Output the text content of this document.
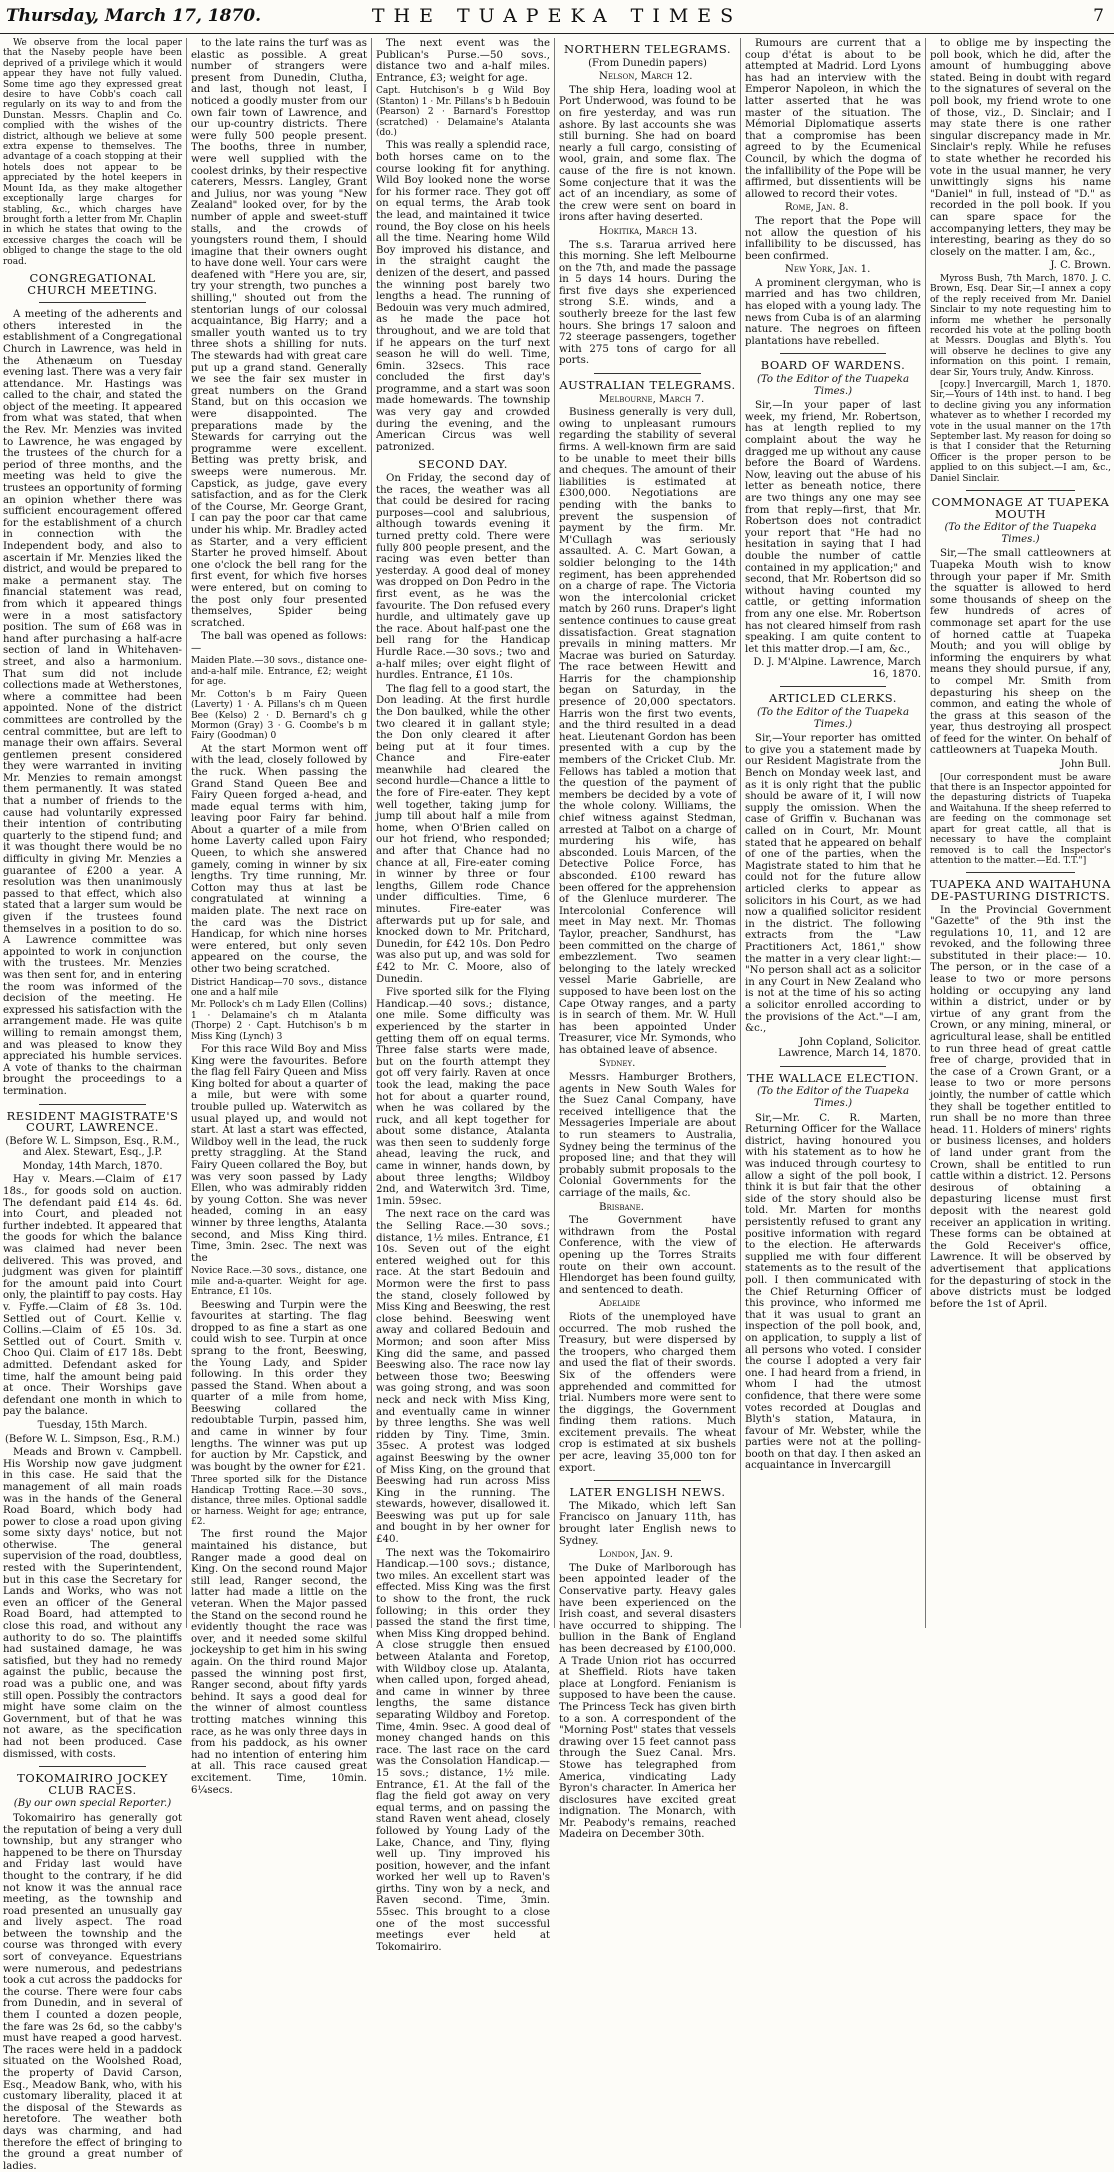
Thursday, March 17, 1870.	THE TUAPEKA TIMES	7

We observe from the local paper that the Naseby people have been deprived of a privilege which it would appear they have not fully valued. Some time ago they expressed great desire to have Cobb's coach call regularly on its way to and from the Dunstan. Messrs. Chaplin and Co. complied with the wishes of the district, although we believe at some extra expense to themselves. The advantage of a coach stopping at their hotels does not appear to be appreciated by the hotel keepers in Mount Ida, as they make altogether exceptionally large charges for stabling, &c., which charges have brought forth a letter from Mr. Chaplin in which he states that owing to the excessive charges the coach will be obliged to change the stage to the old road.

CONGREGATIONAL CHURCH MEETING.

A meeting of the adherents and others interested in the establishment of a Congregational Church in Lawrence, was held in the Athenæum on Tuesday evening last. There was a very fair attendance. Mr. Hastings was called to the chair, and stated the object of the meeting. It appeared from what was stated, that when the Rev. Mr. Menzies was invited to Lawrence, he was engaged by the trustees of the church for a period of three months, and the meeting was held to give the trustees an opportunity of forming an opinion whether there was sufficient encouragement offered for the establishment of a church in connection with the Independent body, and also to ascertain if Mr. Menzies liked the district, and would be prepared to make a permanent stay. The financial statement was read, from which it appeared things were in a most satisfactory position. The sum of £68 was in hand after purchasing a half-acre section of land in Whitehaven-street, and also a harmonium. That sum did not include collections made at Wetherstones, where a committee had been appointed. None of the district committees are controlled by the central committee, but are left to manage their own affairs. Several gentlemen present considered they were warranted in inviting Mr. Menzies to remain amongst them permanently. It was stated that a number of friends to the cause had voluntarily expressed their intention of contributing quarterly to the stipend fund; and it was thought there would be no difficulty in giving Mr. Menzies a guarantee of £200 a year. A resolution was then unanimously passed to that effect, which also stated that a larger sum would be given if the trustees found themselves in a position to do so. A Lawrence committee was appointed to work in conjunction with the trustees. Mr. Menzies was then sent for, and in entering the room was informed of the decision of the meeting. He expressed his satisfaction with the arrangement made. He was quite willing to remain amongst them, and was pleased to know they appreciated his humble services. A vote of thanks to the chairman brought the proceedings to a termination.

RESIDENT MAGISTRATE'S COURT, LAWRENCE.
(Before W. L. Simpson, Esq., R.M., and Alex. Stewart, Esq., J.P.
Monday, 14th March, 1870.

Hay v. Mears.—Claim of £17 18s., for goods sold on auction. The defendant paid £14 4s. 6d. into Court, and pleaded not further indebted. It appeared that the goods for which the balance was claimed had never been delivered. This was proved, and judgment was given for plaintiff for the amount paid into Court only, the plaintiff to pay costs. Hay v. Fyffe.—Claim of £8 3s. 10d. Settled out of Court. Kellie v. Collins.—Claim of £5 10s. 3d. Settled out of Court. Smith v. Choo Qui. Claim of £17 18s. Debt admitted. Defendant asked for time, half the amount being paid at once. Their Worships gave defendant one month in which to pay the balance.

Tuesday, 15th March.
(Before W. L. Simpson, Esq., R.M.)

Meads and Brown v. Campbell. His Worship now gave judgment in this case. He said that the management of all main roads was in the hands of the General Road Board, which body had power to close a road upon giving some sixty days' notice, but not otherwise. The general supervision of the road, doubtless, rested with the Superintendent, but in this case the Secretary for Lands and Works, who was not even an officer of the General Road Board, had attempted to close this road, and without any authority to do so. The plaintiffs had sustained damage, he was satisfied, but they had no remedy against the public, because the road was a public one, and was still open. Possibly the contractors might have some claim on the Government, but of that he was not aware, as the specification had not been produced. Case dismissed, with costs.

TOKOMAIRIRO JOCKEY CLUB RACES.
(By our own special Reporter.)

Tokomairiro has generally got the reputation of being a very dull township, but any stranger who happened to be there on Thursday and Friday last would have thought to the contrary, if he did not know it was the annual race meeting, as the township and road presented an unusually gay and lively aspect. The road between the township and the course was thronged with every sort of conveyance. Equestrians were numerous, and pedestrians took a cut across the paddocks for the course. There were four cabs from Dunedin, and in several of them I counted a dozen people, the fare was 2s 6d, so the cabby's must have reaped a good harvest. The races were held in a paddock situated on the Woolshed Road, the property of David Carson, Esq., Meadow Bank, who, with his customary liberality, placed it at the disposal of the Stewards as heretofore. The weather both days was charming, and had therefore the effect of bringing to the ground a great number of ladies.

to the late rains the turf was as elastic as possible. A great number of strangers were present from Dunedin, Clutha, and last, though not least, I noticed a goodly muster from our own fair town of Lawrence, and our up-country districts. There were fully 500 people present. The booths, three in number, were well supplied with the coolest drinks, by their respective caterers, Messrs. Langley, Grant and Julius, nor was young "New Zealand" looked over, for by the number of apple and sweet-stuff stalls, and the crowds of youngsters round them, I should imagine that their owners ought to have done well. Your cars were deafened with "Here you are, sir, try your strength, two punches a shilling," shouted out from the stentorian lungs of our colossal acquaintance, Big Harry; and a smaller youth wanted us to try three shots a shilling for nuts. The stewards had with great care put up a grand stand. Generally we see the fair sex muster in great numbers on the Grand Stand, but on this occasion we were disappointed. The preparations made by the Stewards for carrying out the programme were excellent. Betting was pretty brisk, and sweeps were numerous. Mr. Capstick, as judge, gave every satisfaction, and as for the Clerk of the Course, Mr. George Grant, I can pay the poor car that came under his whip. Mr. Bradley acted as Starter, and a very efficient Starter he proved himself. About one o'clock the bell rang for the first event, for which five horses were entered, but on coming to the post only four presented themselves, Spider being scratched.

The ball was opened as follows:—

Maiden Plate.—30 sovs., distance one-and-a-half mile. Entrance, £2; weight for age.

Mr. Cotton's b m Fairy Queen (Laverty) 1 · A. Pillans's ch m Queen Bee (Kelso) 2 · D. Bernard's ch g Mormon (Gray) 3 · G. Coombe's b m Fairy (Goodman) 0

At the start Mormon went off with the lead, closely followed by the ruck. When passing the Grand Stand Queen Bee and Fairy Queen forged a-head, and made equal terms with him, leaving poor Fairy far behind. About a quarter of a mile from home Laverty called upon Fairy Queen, to which she answered gamely, coming in winner by six lengths. Try time running, Mr. Cotton may thus at last be congratulated at winning a maiden plate. The next race on the card was the District Handicap, for which nine horses were entered, but only seven appeared on the course, the other two being scratched.

District Handicap—70 sovs., distance one and a half mile

Mr. Pollock's ch m Lady Ellen (Collins) 1 · Delamaine's ch m Atalanta (Thorpe) 2 · Capt. Hutchison's b m Miss King (Lynch) 3

For this race Wild Boy and Miss King were the favourites. Before the flag fell Fairy Queen and Miss King bolted for about a quarter of a mile, but were with some trouble pulled up. Waterwitch as usual played up, and would not start. At last a start was effected, Wildboy well in the lead, the ruck pretty straggling. At the Stand Fairy Queen collared the Boy, but was very soon passed by Lady Ellen, who was admirably ridden by young Cotton. She was never headed, coming in an easy winner by three lengths, Atalanta second, and Miss King third. Time, 3min. 2sec. The next was the

Novice Race.—30 sovs., distance, one mile and-a-quarter. Weight for age. Entrance, £1 10s.

Beeswing and Turpin were the favourites at starting. The flag dropped to as fine a start as one could wish to see. Turpin at once sprang to the front, Beeswing, the Young Lady, and Spider following. In this order they passed the Stand. When about a quarter of a mile from home, Beeswing collared the redoubtable Turpin, passed him, and came in winner by four lengths. The winner was put up for auction by Mr. Capstick, and was bought by the owner for £21.

Three sported silk for the Distance Handicap Trotting Race.—30 sovs., distance, three miles. Optional saddle or harness. Weight for age; entrance, £2.

The first round the Major maintained his distance, but Ranger made a good deal on King. On the second round Major still lead, Ranger second, the latter had made a little on the veteran. When the Major passed the Stand on the second round he evidently thought the race was over, and it needed some skilful jockeyship to get him in his swing again. On the third round Major passed the winning post first, Ranger second, about fifty yards behind. It says a good deal for the winner of almost countless trotting matches winning this race, as he was only three days in from his paddock, as his owner had no intention of entering him at all. This race caused great excitement. Time, 10min. 6¼secs.

The next event was the Publican's Purse.—50 sovs., distance two and a-half miles. Entrance, £3; weight for age.

Capt. Hutchison's b g Wild Boy (Stanton) 1 · Mr. Pillans's b h Bedouin (Pearson) 2 · Barnard's Foresttop (scratched) · Delamaine's Atalanta (do.)

This was really a splendid race, both horses came on to the course looking fit for anything. Wild Boy looked none the worse for his former race. They got off on equal terms, the Arab took the lead, and maintained it twice round, the Boy close on his heels all the time. Nearing home Wild Boy improved his distance, and in the straight caught the denizen of the desert, and passed the winning post barely two lengths a head. The running of Bedouin was very much admired, as he made the pace hot throughout, and we are told that if he appears on the turf next season he will do well. Time, 6min. 32secs. This race concluded the first day's programme, and a start was soon made homewards. The township was very gay and crowded during the evening, and the American Circus was well patronized.

SECOND DAY.

On Friday, the second day of the races, the weather was all that could be desired for racing purposes—cool and salubrious, although towards evening it turned pretty cold. There were fully 800 people present, and the racing was even better than yesterday. A good deal of money was dropped on Don Pedro in the first event, as he was the favourite. The Don refused every hurdle, and ultimately gave up the race. About half-past one the bell rang for the Handicap Hurdle Race.—30 sovs.; two and a-half miles; over eight flight of hurdles. Entrance, £1 10s.

The flag fell to a good start, the Don leading. At the first hurdle the Don baulked, while the other two cleared it in gallant style; the Don only cleared it after being put at it four times. Chance and Fire-eater meanwhile had cleared the second hurdle—Chance a little to the fore of Fire-eater. They kept well together, taking jump for jump till about half a mile from home, when O'Brien called on our hot friend, who responded; and after that Chance had no chance at all, Fire-eater coming in winner by three or four lengths, Gillem rode Chance under difficulties. Time, 6 minutes. Fire-eater was afterwards put up for sale, and knocked down to Mr. Pritchard, Dunedin, for £42 10s. Don Pedro was also put up, and was sold for £42 to Mr. C. Moore, also of Dunedin.

Five sported silk for the Flying Handicap.—40 sovs.; distance, one mile. Some difficulty was experienced by the starter in getting them off on equal terms. Three false starts were made, but on the fourth attempt they got off very fairly. Raven at once took the lead, making the pace hot for about a quarter round, when he was collared by the ruck, and all kept together for about some distance, Atalanta was then seen to suddenly forge ahead, leaving the ruck, and came in winner, hands down, by about three lengths; Wildboy 2nd, and Waterwitch 3rd. Time, 1min. 59sec.

The next race on the card was the Selling Race.—30 sovs.; distance, 1½ miles. Entrance, £1 10s. Seven out of the eight entered weighed out for this race. At the start Bedouin and Mormon were the first to pass the stand, closely followed by Miss King and Beeswing, the rest close behind. Beeswing went away and collared Bedouin and Mormon; and soon after Miss King did the same, and passed Beeswing also. The race now lay between those two; Beeswing was going strong, and was soon neck and neck with Miss King, and eventually came in winner by three lengths. She was well ridden by Tiny. Time, 3min. 35sec. A protest was lodged against Beeswing by the owner of Miss King, on the ground that Beeswing had run across Miss King in the running. The stewards, however, disallowed it. Beeswing was put up for sale and bought in by her owner for £40.

The next was the Tokomairiro Handicap.—100 sovs.; distance, two miles. An excellent start was effected. Miss King was the first to show to the front, the ruck following; in this order they passed the stand the first time, when Miss King dropped behind. A close struggle then ensued between Atalanta and Foretop, with Wildboy close up. Atalanta, when called upon, forged ahead, and came in winner by three lengths, the same distance separating Wildboy and Foretop. Time, 4min. 9sec. A good deal of money changed hands on this race. The last race on the card was the Consolation Handicap.—15 sovs.; distance, 1½ mile. Entrance, £1. At the fall of the flag the field got away on very equal terms, and on passing the stand Raven went ahead, closely followed by Young Lady of the Lake, Chance, and Tiny, flying well up. Tiny improved his position, however, and the infant worked her well up to Raven's girths. Tiny won by a neck, and Raven second. Time, 3min. 55sec. This brought to a close one of the most successful meetings ever held at Tokomairiro.

NORTHERN TELEGRAMS.
(From Dunedin papers)

Nelson, March 12.

The ship Hera, loading wool at Port Underwood, was found to be on fire yesterday, and was run ashore. By last accounts she was still burning. She had on board nearly a full cargo, consisting of wool, grain, and some flax. The cause of the fire is not known. Some conjecture that it was the act of an incendiary, as some of the crew were sent on board in irons after having deserted.

Hokitika, March 13.

The s.s. Tararua arrived here this morning. She left Melbourne on the 7th, and made the passage in 5 days 14 hours. During the first five days she experienced strong S.E. winds, and a southerly breeze for the last few hours. She brings 17 saloon and 72 steerage passengers, together with 275 tons of cargo for all ports.

AUSTRALIAN TELEGRAMS.

Melbourne, March 7.

Business generally is very dull, owing to unpleasant rumours regarding the stability of several firms. A well-known firm are said to be unable to meet their bills and cheques. The amount of their liabilities is estimated at £300,000. Negotiations are pending with the banks to prevent the suspension of payment by the firm. Mr. M'Cullagh was seriously assaulted. A. C. Mart Gowan, a soldier belonging to the 14th regiment, has been apprehended on a charge of rape. The Victoria won the intercolonial cricket match by 260 runs. Draper's light sentence continues to cause great dissatisfaction. Great stagnation prevails in mining matters. Mr Macrae was buried on Saturday. The race between Hewitt and Harris for the championship began on Saturday, in the presence of 20,000 spectators. Harris won the first two events, and the third resulted in a dead heat. Lieutenant Gordon has been presented with a cup by the members of the Cricket Club. Mr. Fellows has tabled a motion that the question of the payment of members be decided by a vote of the whole colony. Williams, the chief witness against Stedman, arrested at Talbot on a charge of murdering his wife, has absconded. Louis Marcen, of the Detective Police Force, has absconded. £100 reward has been offered for the apprehension of the Glenluce murderer. The Intercolonial Conference will meet in May next. Mr. Thomas Taylor, preacher, Sandhurst, has been committed on the charge of embezzlement. Two seamen belonging to the lately wrecked vessel Marie Gabrielle, are supposed to have been lost on the Cape Otway ranges, and a party is in search of them. Mr. W. Hull has been appointed Under Treasurer, vice Mr. Symonds, who has obtained leave of absence.

Sydney.

Messrs. Hamburger Brothers, agents in New South Wales for the Suez Canal Company, have received intelligence that the Messageries Imperiale are about to run steamers to Australia, Sydney being the terminus of the proposed line; and that they will probably submit proposals to the Colonial Governments for the carriage of the mails, &c.

Brisbane.

The Government have withdrawn from the Postal Conference, with the view of opening up the Torres Straits route on their own account. Hlendorget has been found guilty, and sentenced to death.

Adelaide

Riots of the unemployed have occurred. The mob rushed the Treasury, but were dispersed by the troopers, who charged them and used the flat of their swords. Six of the offenders were apprehended and committed for trial. Numbers more were sent to the diggings, the Government finding them rations. Much excitement prevails. The wheat crop is estimated at six bushels per acre, leaving 35,000 ton for export.

LATER ENGLISH NEWS.

The Mikado, which left San Francisco on January 11th, has brought later English news to Sydney.

London, Jan. 9.

The Duke of Marlborough has been appointed leader of the Conservative party. Heavy gales have been experienced on the Irish coast, and several disasters have occurred to shipping. The bullion in the Bank of England has been decreased by £100,000. A Trade Union riot has occurred at Sheffield. Riots have taken place at Longford. Fenianism is supposed to have been the cause. The Princess Teck has given birth to a son. A correspondent of the "Morning Post" states that vessels drawing over 15 feet cannot pass through the Suez Canal. Mrs. Stowe has telegraphed from America, vindicating Lady Byron's character. In America her disclosures have excited great indignation. The Monarch, with Mr. Peabody's remains, reached Madeira on December 30th.

Rumours are current that a coup d'état is about to be attempted at Madrid. Lord Lyons has had an interview with the Emperor Napoleon, in which the latter asserted that he was master of the situation. The Mémorial Diplomatique asserts that a compromise has been agreed to by the Ecumenical Council, by which the dogma of the infallibility of the Pope will be affirmed, but dissentients will be allowed to record their votes.

Rome, Jan. 8.

The report that the Pope will not allow the question of his infallibility to be discussed, has been confirmed.

New York, Jan. 1.

A prominent clergyman, who is married and has two children, has eloped with a young lady. The news from Cuba is of an alarming nature. The negroes on fifteen plantations have rebelled.

BOARD OF WARDENS.
(To the Editor of the Tuapeka Times.)

Sir,—In your paper of last week, my friend, Mr. Robertson, has at length replied to my complaint about the way he dragged me up without any cause before the Board of Wardens. Now, leaving out the abuse of his letter as beneath notice, there are two things any one may see from that reply—first, that Mr. Robertson does not contradict your report that "He had no hesitation in saying that I had double the number of cattle contained in my application;" and second, that Mr. Robertson did so without having counted my cattle, or getting information from any one else. Mr. Robertson has not cleared himself from rash speaking. I am quite content to let this matter drop.—I am, &c.,

D. J. M'Alpine. Lawrence, March 16, 1870.

ARTICLED CLERKS.
(To the Editor of the Tuapeka Times.)

Sir,—Your reporter has omitted to give you a statement made by our Resident Magistrate from the Bench on Monday week last, and as it is only right that the public should be aware of it, I will now supply the omission. When the case of Griffin v. Buchanan was called on in Court, Mr. Mount stated that he appeared on behalf of one of the parties, when the Magistrate stated to him that he could not for the future allow articled clerks to appear as solicitors in his Court, as we had now a qualified solicitor resident in the district. The following extracts from the "Law Practitioners Act, 1861," show the matter in a very clear light:— "No person shall act as a solicitor in any Court in New Zealand who is not at the time of his so acting a solicitor enrolled according to the provisions of the Act."—I am, &c.,

John Copland, Solicitor. Lawrence, March 14, 1870.

THE WALLACE ELECTION.
(To the Editor of the Tuapeka Times.)

Sir,—Mr. C. R. Marten, Returning Officer for the Wallace district, having honoured you with his statement as to how he was induced through courtesy to allow a sight of the poll book, I think it is but fair that the other side of the story should also be told. Mr. Marten for months persistently refused to grant any positive information with regard to the election. He afterwards supplied me with four different statements as to the result of the poll. I then communicated with the Chief Returning Officer of this province, who informed me that it was usual to grant an inspection of the poll book, and, on application, to supply a list of all persons who voted. I consider the course I adopted a very fair one. I had heard from a friend, in whom I had the utmost confidence, that there were some votes recorded at Douglas and Blyth's station, Mataura, in favour of Mr. Webster, while the parties were not at the polling-booth on that day. I then asked an acquaintance in Invercargill

to oblige me by inspecting the poll book, which he did, after the amount of humbugging above stated. Being in doubt with regard to the signatures of several on the poll book, my friend wrote to one of those, viz., D. Sinclair; and I may state there is one rather singular discrepancy made in Mr. Sinclair's reply. While he refuses to state whether he recorded his vote in the usual manner, he very unwittingly signs his name "Daniel" in full, instead of "D." as recorded in the poll book. If you can spare space for the accompanying letters, they may be interesting, bearing as they do so closely on the matter. I am, &c.,

J. C. Brown.

Myross Bush, 7th March, 1870. J. C. Brown, Esq. Dear Sir,—I annex a copy of the reply received from Mr. Daniel Sinclair to my note requesting him to inform me whether he personally recorded his vote at the polling booth at Messrs. Douglas and Blyth's. You will observe he declines to give any information on this point. I remain, dear Sir, Yours truly, Andw. Kinross.

[copy.] Invercargill, March 1, 1870. Sir,—Yours of 14th inst. to hand. I beg to decline giving you any information whatever as to whether I recorded my vote in the usual manner on the 17th September last. My reason for doing so is that I consider that the Returning Officer is the proper person to be applied to on this subject.—I am, &c., Daniel Sinclair.

COMMONAGE AT TUAPEKA MOUTH
(To the Editor of the Tuapeka Times.)

Sir,—The small cattleowners at Tuapeka Mouth wish to know through your paper if Mr. Smith the squatter is allowed to herd some thousands of sheep on the few hundreds of acres of commonage set apart for the use of horned cattle at Tuapeka Mouth; and you will oblige by informing the enquirers by what means they should pursue, if any, to compel Mr. Smith from depasturing his sheep on the common, and eating the whole of the grass at this season of the year, thus destroying all prospect of feed for the winter. On behalf of cattleowners at Tuapeka Mouth.

John Bull.

[Our correspondent must be aware that there is an Inspector appointed for the depasturing districts of Tuapeka and Waitahuna. If the sheep referred to are feeding on the commonage set apart for great cattle, all that is necessary to have the complaint removed is to call the Inspector's attention to the matter.—Ed. T.T."]

TUAPEKA AND WAITAHUNA DE-PASTURING DISTRICTS.

In the Provincial Government "Gazette" of the 9th inst the regulations 10, 11, and 12 are revoked, and the following three substituted in their place:— 10. The person, or in the case of a lease to two or more persons holding or occupying any land within a district, under or by virtue of any grant from the Crown, or any mining, mineral, or agricultural lease, shall be entitled to run three head of great cattle free of charge, provided that in the case of a Crown Grant, or a lease to two or more persons jointly, the number of cattle which they shall be together entitled to run shall be no more than three head. 11. Holders of miners' rights or business licenses, and holders of land under grant from the Crown, shall be entitled to run cattle within a district. 12. Persons desirous of obtaining a depasturing license must first deposit with the nearest gold receiver an application in writing. These forms can be obtained at the Gold Receiver's office, Lawrence. It will be observed by advertisement that applications for the depasturing of stock in the above districts must be lodged before the 1st of April.
